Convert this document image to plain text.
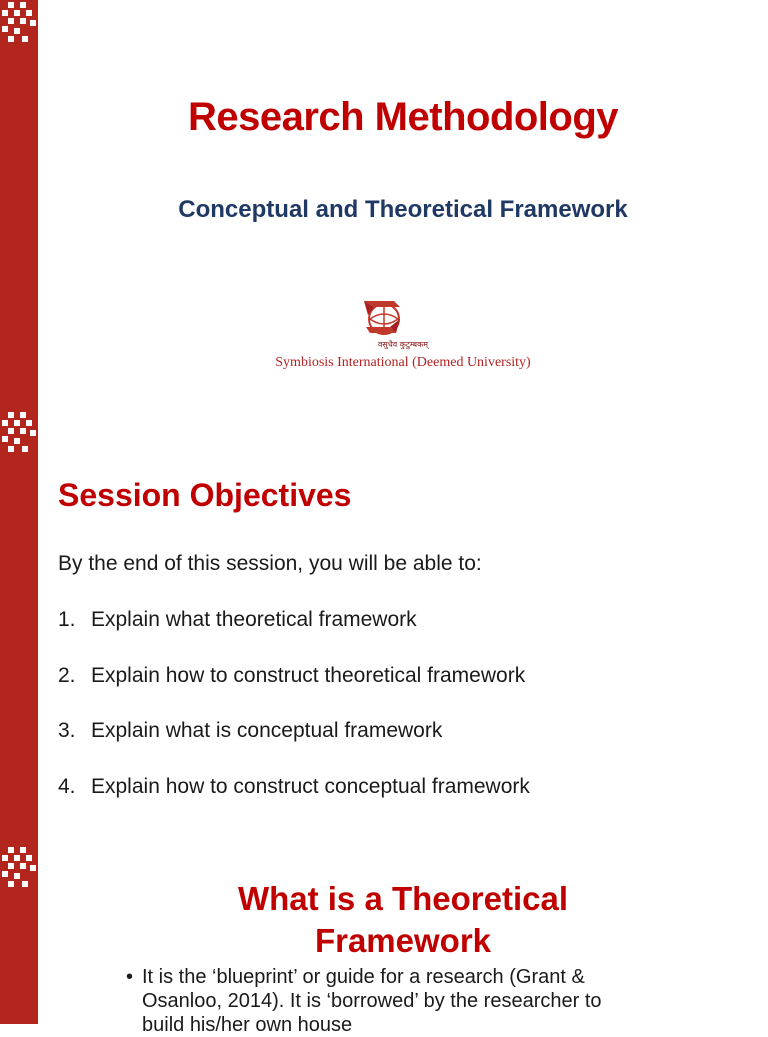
Research Methodology
Conceptual and Theoretical Framework
वसुधैव कुटुम्बकम्
Symbiosis International (Deemed University)
Session Objectives
By the end of this session, you will be able to:
1. Explain what theoretical framework
2. Explain how to construct theoretical framework
3. Explain what is conceptual framework
4. Explain how to construct conceptual framework
What is a Theoretical
Framework
• It is the ‘blueprint’ or guide for a research (Grant & Osanloo, 2014). It is ‘borrowed’ by the researcher to build his/her own house
